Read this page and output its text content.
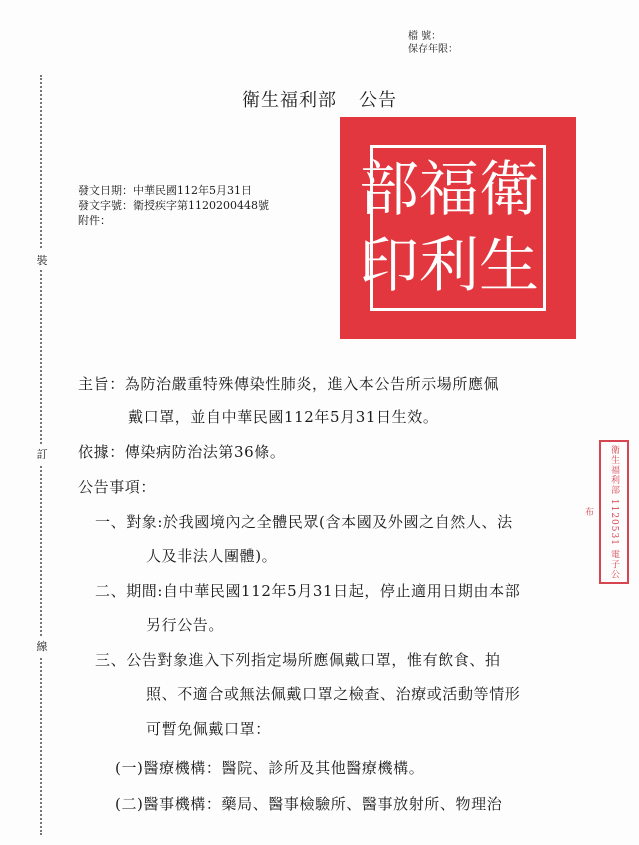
檔 號：
保存年限：
裝
訂
線
衛生福利部 公告
衛
生
福
利
部
印
發文日期：中華民國112年5月31日
發文字號：衛授疾字第1120200448號
附件：
衛生福利部 1120531 電子公布
主旨：為防治嚴重特殊傳染性肺炎，進入本公告所示場所應佩
戴口罩，並自中華民國112年5月31日生效。
依據：傳染病防治法第36條。
公告事項：
一、對象:於我國境內之全體民眾(含本國及外國之自然人、法
人及非法人團體)。
二、期間:自中華民國112年5月31日起，停止適用日期由本部
另行公告。
三、公告對象進入下列指定場所應佩戴口罩，惟有飲食、拍
照、不適合或無法佩戴口罩之檢查、治療或活動等情形
可暫免佩戴口罩：
(一)醫療機構：醫院、診所及其他醫療機構。
(二)醫事機構：藥局、醫事檢驗所、醫事放射所、物理治
